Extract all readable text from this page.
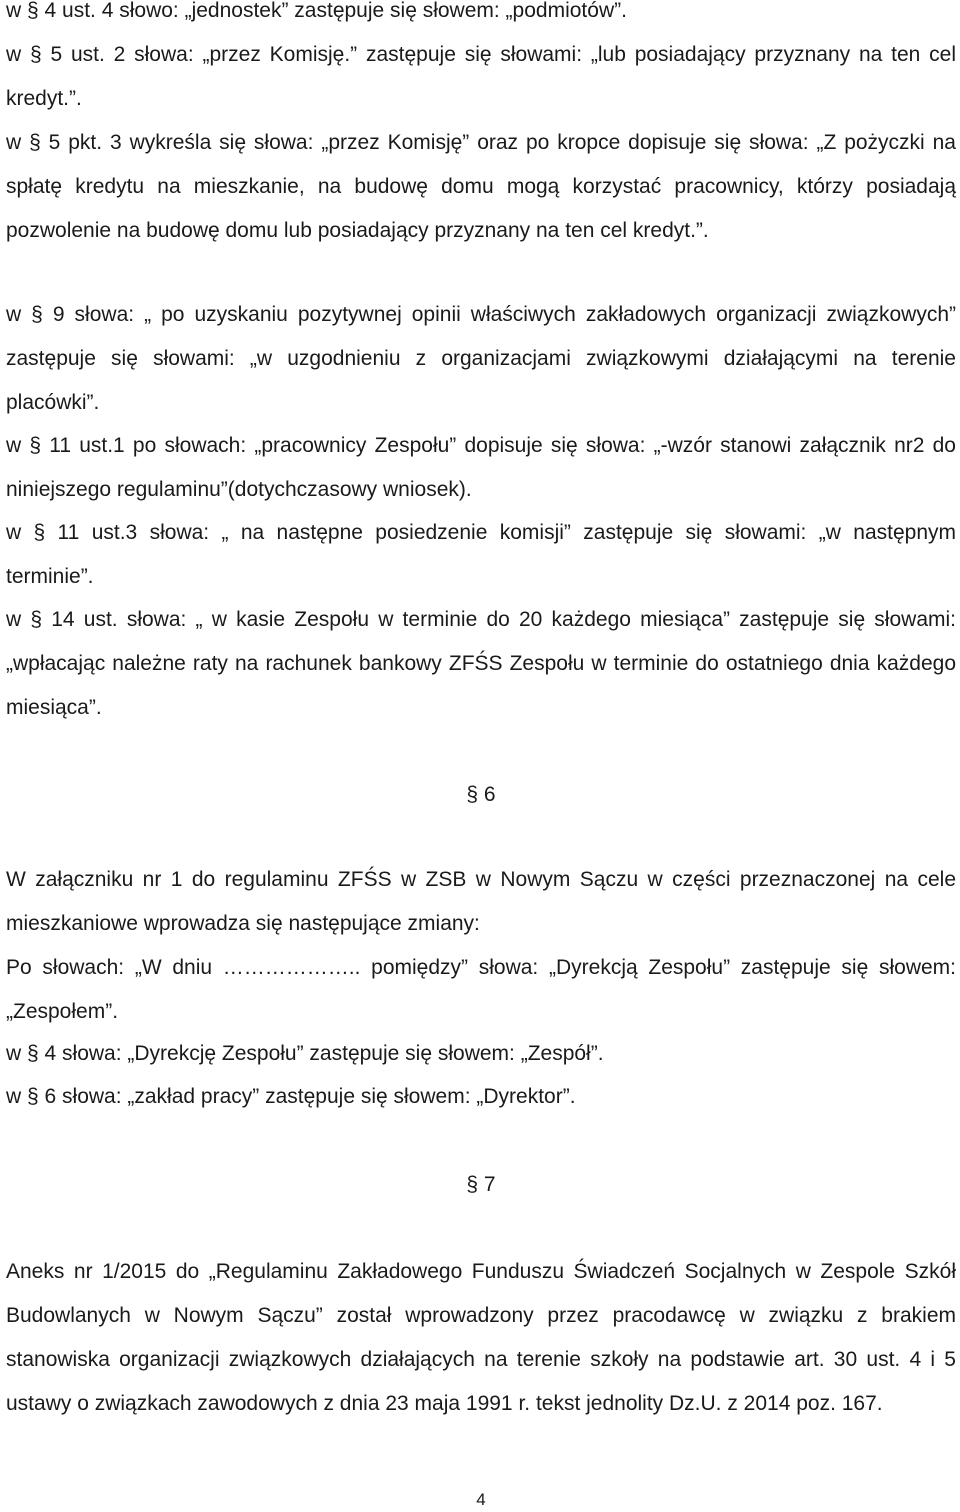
w § 4 ust. 4 słowo: „jednostek” zastępuje się słowem: „podmiotów”.

w § 5 ust. 2 słowa: „przez Komisję.” zastępuje się słowami: „lub posiadający przyznany na ten cel kredyt.”.

w § 5 pkt. 3 wykreśla się słowa: „przez Komisję” oraz po kropce dopisuje się słowa: „Z pożyczki na spłatę kredytu na mieszkanie, na budowę domu mogą korzystać pracownicy, którzy posiadają pozwolenie na budowę domu lub posiadający przyznany na ten cel kredyt.”.

w § 9 słowa: „ po uzyskaniu pozytywnej opinii właściwych zakładowych organizacji związkowych” zastępuje się słowami: „w uzgodnieniu z organizacjami związkowymi działającymi na terenie placówki”.

w § 11 ust.1 po słowach: „pracownicy Zespołu” dopisuje się słowa: „-wzór stanowi załącznik nr2 do niniejszego regulaminu”(dotychczasowy wniosek).

w § 11 ust.3 słowa: „ na następne posiedzenie komisji” zastępuje się słowami: „w następnym terminie”.

w § 14 ust. słowa: „ w kasie Zespołu w terminie do 20 każdego miesiąca” zastępuje się słowami: „wpłacając należne raty na rachunek bankowy ZFŚS Zespołu w terminie do ostatniego dnia każdego miesiąca”.

§ 6

W załączniku nr 1 do regulaminu ZFŚS w ZSB w Nowym Sączu w części przeznaczonej na cele mieszkaniowe wprowadza się następujące zmiany:

Po słowach: „W dniu ……………….. pomiędzy” słowa: „Dyrekcją Zespołu” zastępuje się słowem: „Zespołem”.

w § 4 słowa: „Dyrekcję Zespołu” zastępuje się słowem: „Zespół”.

w § 6 słowa: „zakład pracy” zastępuje się słowem: „Dyrektor”.

§ 7

Aneks nr 1/2015 do „Regulaminu Zakładowego Funduszu Świadczeń Socjalnych w Zespole Szkół Budowlanych w Nowym Sączu” został wprowadzony przez pracodawcę w związku z brakiem stanowiska organizacji związkowych działających na terenie szkoły na podstawie art. 30 ust. 4 i 5 ustawy o związkach zawodowych z dnia 23 maja 1991 r. tekst jednolity Dz.U. z 2014 poz. 167.

4
